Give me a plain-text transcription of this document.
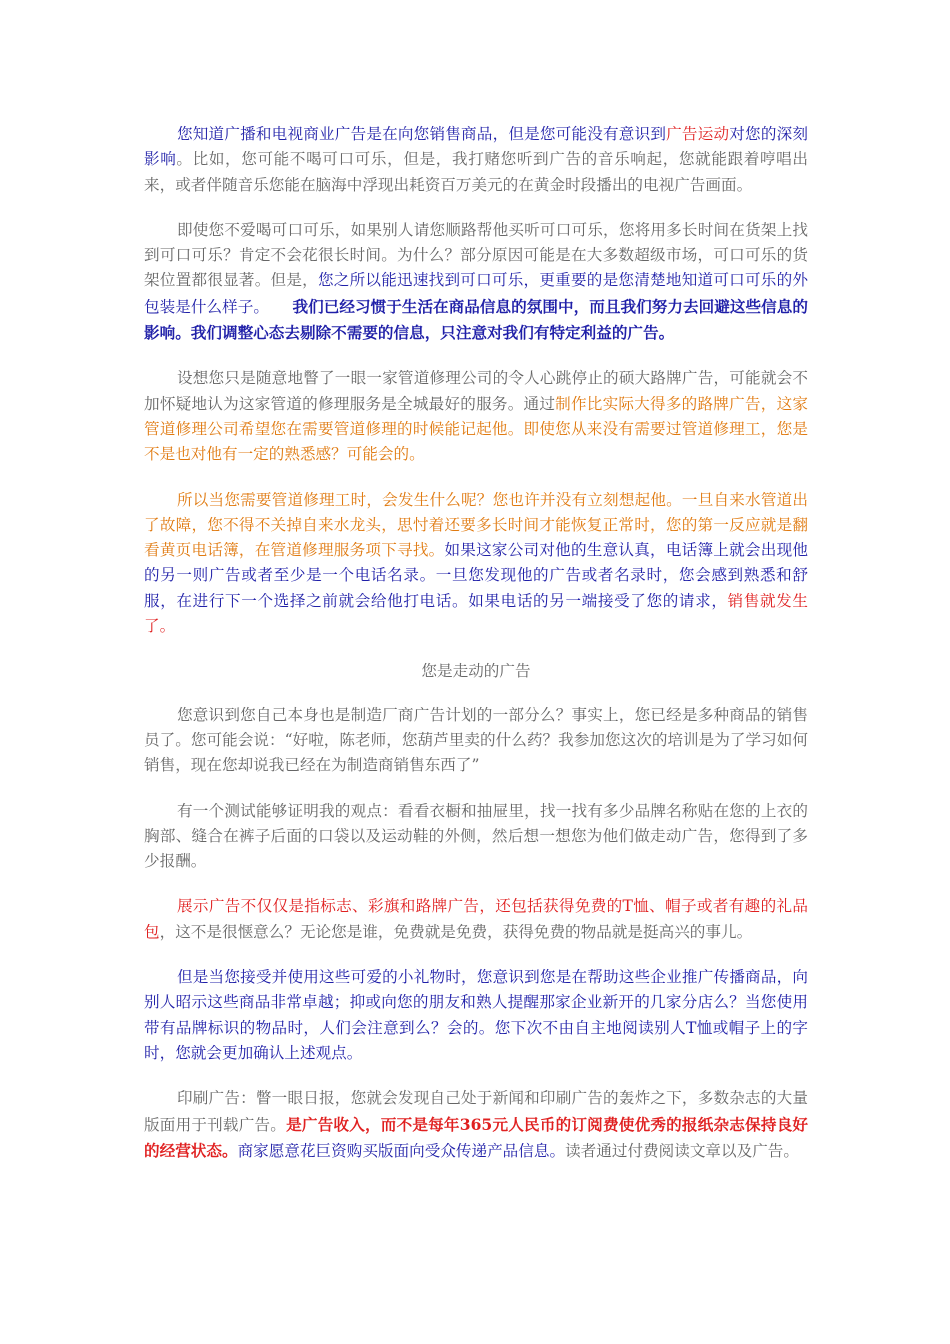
您知道广播和电视商业广告是在向您销售商品，但是您可能没有意识到广告运动对您的深刻影响。比如，您可能不喝可口可乐，但是，我打赌您听到广告的音乐响起，您就能跟着哼唱出来，或者伴随音乐您能在脑海中浮现出耗资百万美元的在黄金时段播出的电视广告画面。

即使您不爱喝可口可乐，如果别人请您顺路帮他买听可口可乐，您将用多长时间在货架上找到可口可乐？肯定不会花很长时间。为什么？部分原因可能是在大多数超级市场，可口可乐的货架位置都很显著。但是，您之所以能迅速找到可口可乐，更重要的是您清楚地知道可口可乐的外包装是什么样子。　　我们已经习惯于生活在商品信息的氛围中，而且我们努力去回避这些信息的影响。我们调整心态去剔除不需要的信息，只注意对我们有特定利益的广告。

设想您只是随意地瞥了一眼一家管道修理公司的令人心跳停止的硕大路牌广告，可能就会不加怀疑地认为这家管道的修理服务是全城最好的服务。通过制作比实际大得多的路牌广告，这家管道修理公司希望您在需要管道修理的时候能记起他。即使您从来没有需要过管道修理工，您是不是也对他有一定的熟悉感？可能会的。

所以当您需要管道修理工时，会发生什么呢？您也许并没有立刻想起他。一旦自来水管道出了故障，您不得不关掉自来水龙头，思忖着还要多长时间才能恢复正常时，您的第一反应就是翻看黄页电话簿，在管道修理服务项下寻找。如果这家公司对他的生意认真，电话簿上就会出现他的另一则广告或者至少是一个电话名录。一旦您发现他的广告或者名录时，您会感到熟悉和舒服，在进行下一个选择之前就会给他打电话。如果电话的另一端接受了您的请求，销售就发生了。

您是走动的广告

您意识到您自己本身也是制造厂商广告计划的一部分么？事实上，您已经是多种商品的销售员了。您可能会说：“好啦，陈老师，您葫芦里卖的什么药？我参加您这次的培训是为了学习如何销售，现在您却说我已经在为制造商销售东西了”

有一个测试能够证明我的观点：看看衣橱和抽屉里，找一找有多少品牌名称贴在您的上衣的胸部、缝合在裤子后面的口袋以及运动鞋的外侧，然后想一想您为他们做走动广告，您得到了多少报酬。

展示广告不仅仅是指标志、彩旗和路牌广告，还包括获得免费的T恤、帽子或者有趣的礼品包，这不是很惬意么？无论您是谁，免费就是免费，获得免费的物品就是挺高兴的事儿。

但是当您接受并使用这些可爱的小礼物时，您意识到您是在帮助这些企业推广传播商品，向别人昭示这些商品非常卓越；抑或向您的朋友和熟人提醒那家企业新开的几家分店么？当您使用带有品牌标识的物品时，人们会注意到么？会的。您下次不由自主地阅读别人T恤或帽子上的字时，您就会更加确认上述观点。

印刷广告：瞥一眼日报，您就会发现自己处于新闻和印刷广告的轰炸之下，多数杂志的大量版面用于刊载广告。是广告收入，而不是每年365元人民币的订阅费使优秀的报纸杂志保持良好的经营状态。商家愿意花巨资购买版面向受众传递产品信息。读者通过付费阅读文章以及广告。
